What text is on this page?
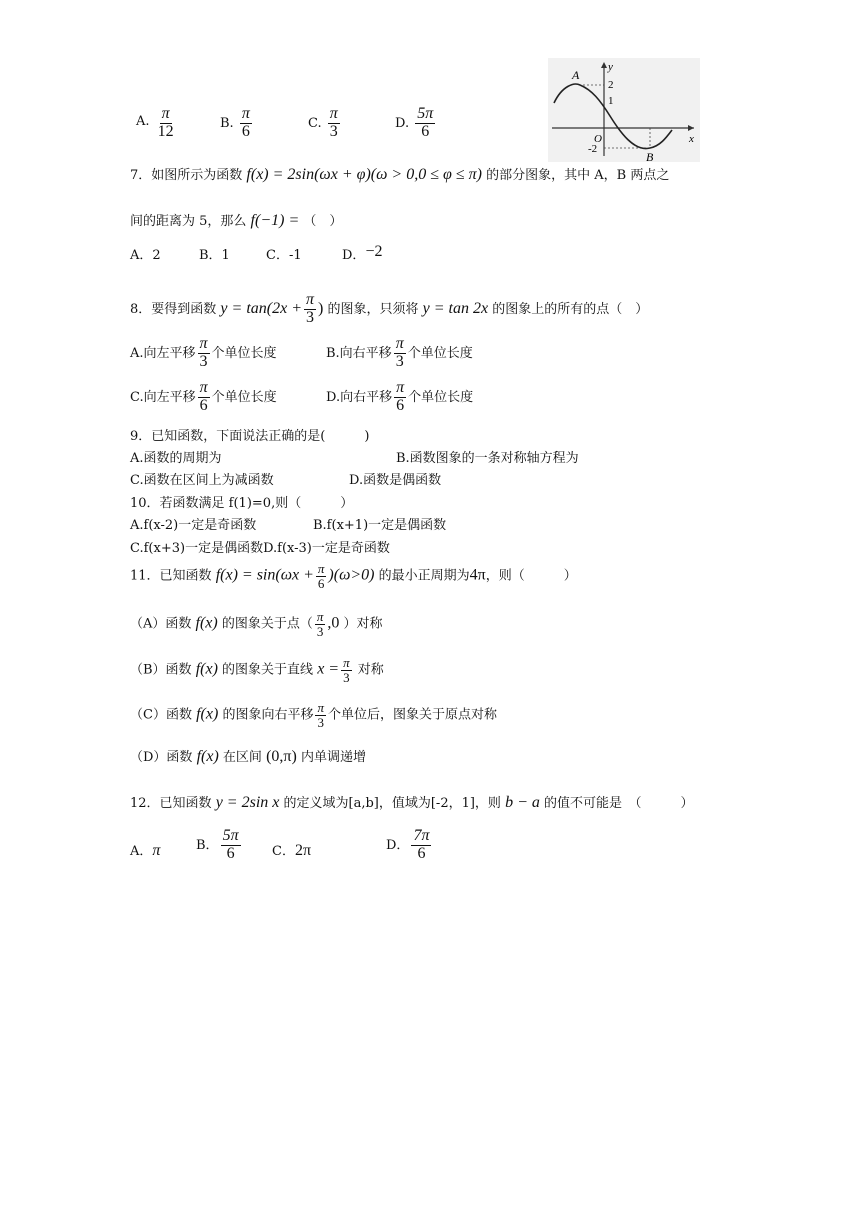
A. $\frac{\pi}{12}$	B. $\frac{\pi}{6}$	C. $\frac{\pi}{3}$	D. $\frac{5\pi}{6}$
A
B
O
y
x
2
1
-2
7．如图所示为函数 f(x) = 2sin(ωx + φ)(ω > 0,0 ≤ φ ≤ π) 的部分图象，其中 A，B 两点之
间的距离为 5，那么 f(−1) = （　）
A．2	B．1	C．-1	D．−2
8．要得到函数 $y = \tan(2x + \frac{\pi}{3}$ ) 的图象，只须将 y = tan 2x 的图象上的所有的点（　）
A.向左平移 $\frac{\pi}{3}$ 个单位长度	B.向右平移 $\frac{\pi}{3}$ 个单位长度
C.向左平移 $\frac{\pi}{6}$ 个单位长度	D.向右平移 $\frac{\pi}{6}$ 个单位长度
9．已知函数，下面说法正确的是(　　　)
A.函数的周期为	B.函数图象的一条对称轴方程为
C.函数在区间上为减函数	D.函数是偶函数
10．若函数满足 f(1)=0,则（　　　）
A.f(x-2)一定是奇函数	B.f(x+1)一定是偶函数
C.f(x+3)一定是偶函数D.f(x-3)一定是奇函数
11．已知函数 $f(x) = \sin(\omega x + \frac{\pi}{6} )(\omega>0)$ 的最小正周期为4π，则（　　　）
（A）函数 f(x) 的图象关于点（ $\frac{\pi}{3} ,0$ ）对称
（B）函数 f(x) 的图象关于直线 $x = \frac{\pi}{3}$ 对称
（C）函数 f(x) 的图象向右平移 $\frac{\pi}{3}$ 个单位后，图象关于原点对称
（D）函数 f(x) 在区间 (0,π) 内单调递增
12．已知函数 y = 2sin x 的定义域为[a,b]，值域为[-2，1]，则 b − a 的值不可能是　（　　　）
A．π	B． $\frac{5\pi}{6}$ C．2π	D． $\frac{7\pi}{6}$
